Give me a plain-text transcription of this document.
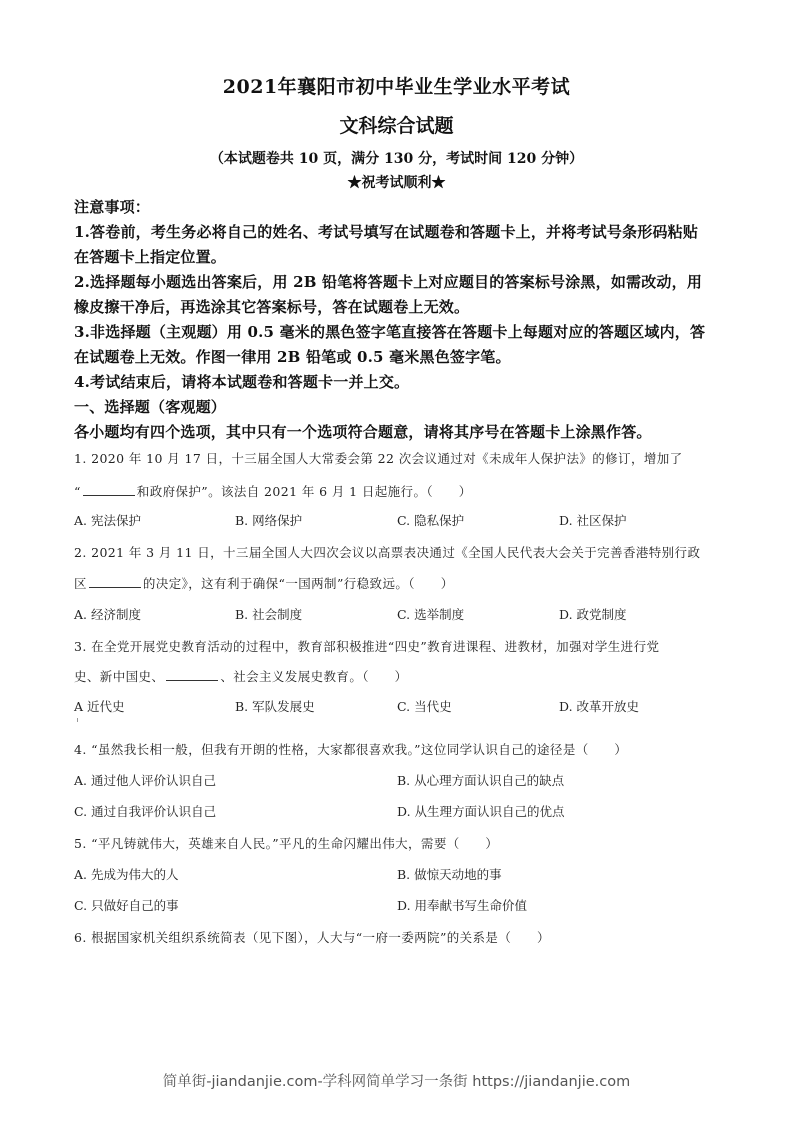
2021年襄阳市初中毕业生学业水平考试
文科综合试题
（本试题卷共 10 页，满分 130 分，考试时间 120 分钟）
★祝考试顺利★
注意事项：
1.答卷前，考生务必将自己的姓名、考试号填写在试题卷和答题卡上，并将考试号条形码粘贴
在答题卡上指定位置。
2.选择题每小题选出答案后，用 2B 铅笔将答题卡上对应题目的答案标号涂黑，如需改动，用
橡皮擦干净后，再选涂其它答案标号，答在试题卷上无效。
3.非选择题（主观题）用 0.5 毫米的黑色签字笔直接答在答题卡上每题对应的答题区域内，答
在试题卷上无效。作图一律用 2B 铅笔或 0.5 毫米黑色签字笔。
4.考试结束后，请将本试题卷和答题卡一并上交。
一、选择题（客观题）
各小题均有四个选项，其中只有一个选项符合题意，请将其序号在答题卡上涂黑作答。
1. 2020 年 10 月 17 日，十三届全国人大常委会第 22 次会议通过对《未成年人保护法》的修订，增加了
“	和政府保护”。该法自 2021 年 6 月 1 日起施行。（　　）
A. 宪法保护	B. 网络保护	C. 隐私保护	D. 社区保护
2. 2021 年 3 月 11 日，十三届全国人大四次会议以高票表决通过《全国人民代表大会关于完善香港特别行政
区	的决定》，这有利于确保“一国两制”行稳致远。（　　）
A. 经济制度	B. 社会制度	C. 选举制度	D. 政党制度
3. 在全党开展党史教育活动的过程中，教育部积极推进“四史”教育进课程、进教材，加强对学生进行党
史、新中国史、	、社会主义发展史教育。（　　）
A 近代史	B. 军队发展史	C. 当代史	D. 改革开放史
4. “虽然我长相一般，但我有开朗的性格，大家都很喜欢我。”这位同学认识自己的途径是（　　）
A. 通过他人评价认识自己	B. 从心理方面认识自己的缺点
C. 通过自我评价认识自己	D. 从生理方面认识自己的优点
5. “平凡铸就伟大，英雄来自人民。”平凡的生命闪耀出伟大，需要（　　）
A. 先成为伟大的人	B. 做惊天动地的事
C. 只做好自己的事	D. 用奉献书写生命价值
6. 根据国家机关组织系统简表（见下图），人大与“一府一委两院”的关系是（　　）
简单街-jiandanjie.com-学科网简单学习一条街 https://jiandanjie.com
